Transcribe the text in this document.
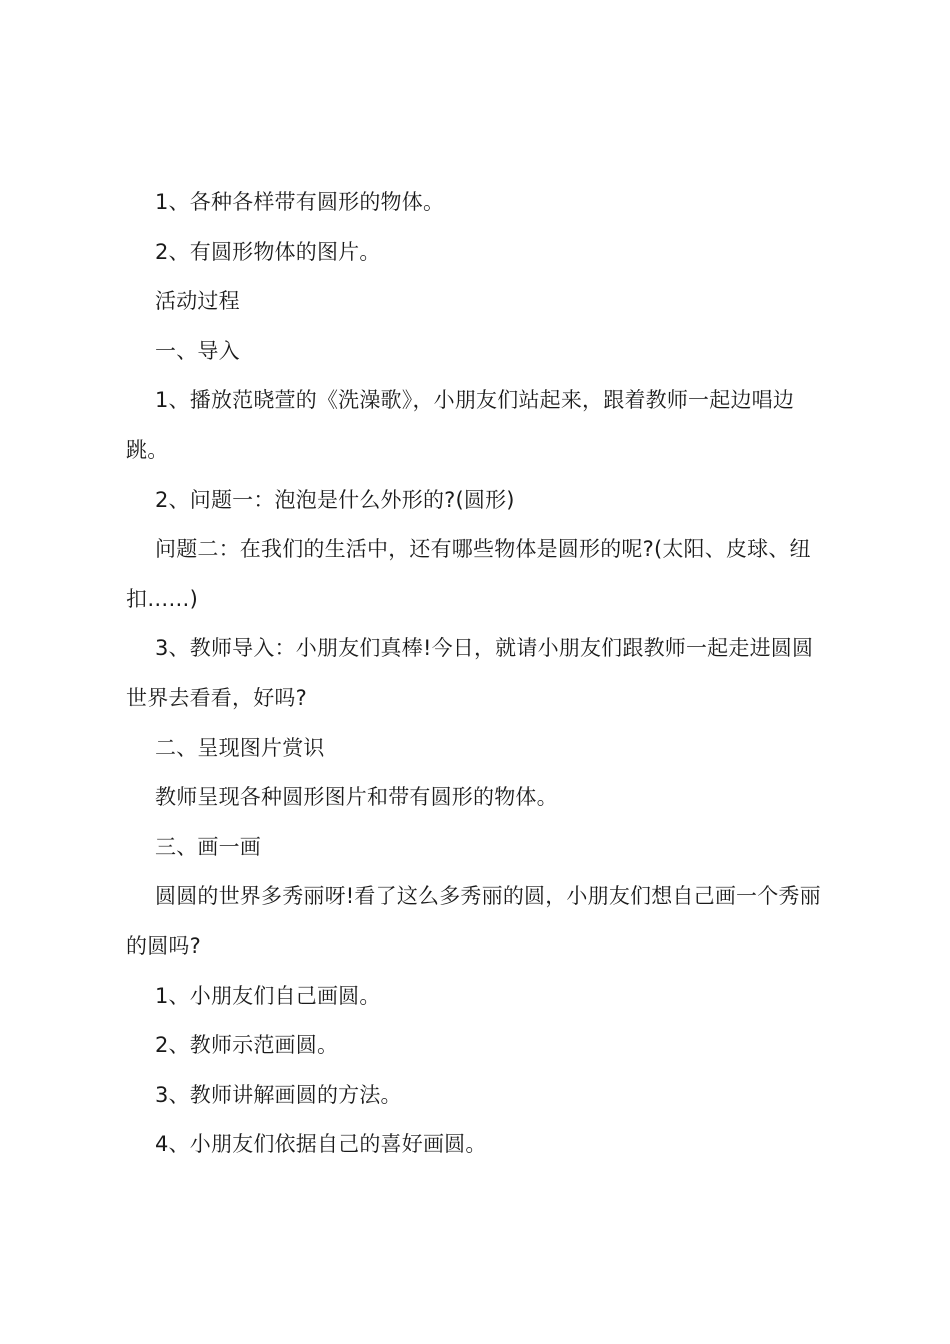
1、各种各样带有圆形的物体。

2、有圆形物体的图片。

活动过程

一、导入

1、播放范晓萱的《洗澡歌》，小朋友们站起来，跟着教师一起边唱边跳。

2、问题一：泡泡是什么外形的?(圆形)

问题二：在我们的生活中，还有哪些物体是圆形的呢?(太阳、皮球、纽扣……)

3、教师导入：小朋友们真棒!今日，就请小朋友们跟教师一起走进圆圆世界去看看，好吗?

二、呈现图片赏识

教师呈现各种圆形图片和带有圆形的物体。

三、画一画

圆圆的世界多秀丽呀!看了这么多秀丽的圆，小朋友们想自己画一个秀丽的圆吗?

1、小朋友们自己画圆。

2、教师示范画圆。

3、教师讲解画圆的方法。

4、小朋友们依据自己的喜好画圆。
